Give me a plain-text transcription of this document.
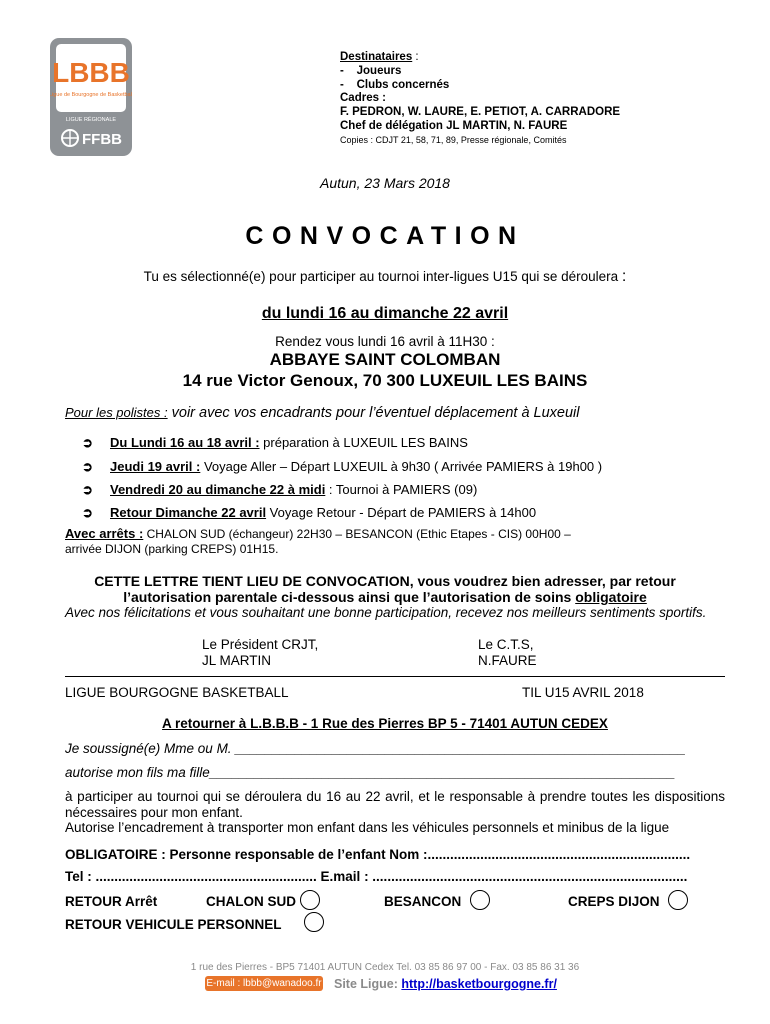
LBBB
Ligue de Bourgogne de Basketball
LIGUE RÉGIONALE
FFBB
Destinataires :
-    Joueurs
-    Clubs concernés
Cadres :
F. PEDRON, W. LAURE, E. PETIOT, A. CARRADORE
Chef de délégation JL MARTIN, N. FAURE
Copies : CDJT 21, 58, 71, 89, Presse régionale, Comités
Autun, 23 Mars 2018
CONVOCATION
Tu es sélectionné(e) pour participer au tournoi inter-ligues U15 qui se déroulera :
du lundi 16 au dimanche 22 avril
Rendez vous lundi 16 avril à 11H30 :
ABBAYE SAINT COLOMBAN
14 rue Victor Genoux, 70 300 LUXEUIL LES BAINS
Pour les polistes : voir avec vos encadrants pour l’éventuel déplacement à Luxeuil
➲ Du Lundi 16 au 18 avril : préparation à LUXEUIL LES BAINS
➲ Jeudi 19 avril : Voyage Aller – Départ LUXEUIL à 9h30 ( Arrivée PAMIERS à 19h00 )
➲ Vendredi 20 au dimanche 22 à midi : Tournoi à PAMIERS (09)
➲ Retour Dimanche 22 avril Voyage Retour - Départ de PAMIERS à 14h00
Avec arrêts : CHALON SUD (échangeur) 22H30 – BESANCON (Ethic Etapes - CIS) 00H00 –
arrivée DIJON (parking CREPS) 01H15.
CETTE LETTRE TIENT LIEU DE CONVOCATION, vous voudrez bien adresser, par retour
l’autorisation parentale ci-dessous ainsi que l’autorisation de soins obligatoire
Avec nos félicitations et vous souhaitant une bonne participation, recevez nos meilleurs sentiments sportifs.
Le Président CRJT,
JL MARTIN
Le C.T.S,
N.FAURE
LIGUE BOURGOGNE BASKETBALL	TIL U15 AVRIL 2018
A retourner à L.B.B.B - 1 Rue des Pierres BP 5 - 71401 AUTUN CEDEX
Je soussigné(e) Mme ou M. ____________________________________________________________
autorise mon fils ma fille______________________________________________________________
à participer au tournoi qui se déroulera du 16 au 22 avril, et le responsable à prendre toutes les dispositions nécessaires pour mon enfant.
Autorise l’encadrement à transporter mon enfant dans les véhicules personnels et minibus de la ligue
OBLIGATOIRE : Personne responsable de l’enfant Nom :......................................................................
Tel : ........................................................... E.mail : ....................................................................................
RETOUR Arrêt	CHALON SUD	BESANCON	CREPS DIJON
RETOUR VEHICULE PERSONNEL
1 rue des Pierres - BP5 71401 AUTUN Cedex Tel. 03 85 86 97 00 - Fax. 03 85 86 31 36
E-mail : lbbb@wanadoo.fr Site Ligue: http://basketbourgogne.fr/
